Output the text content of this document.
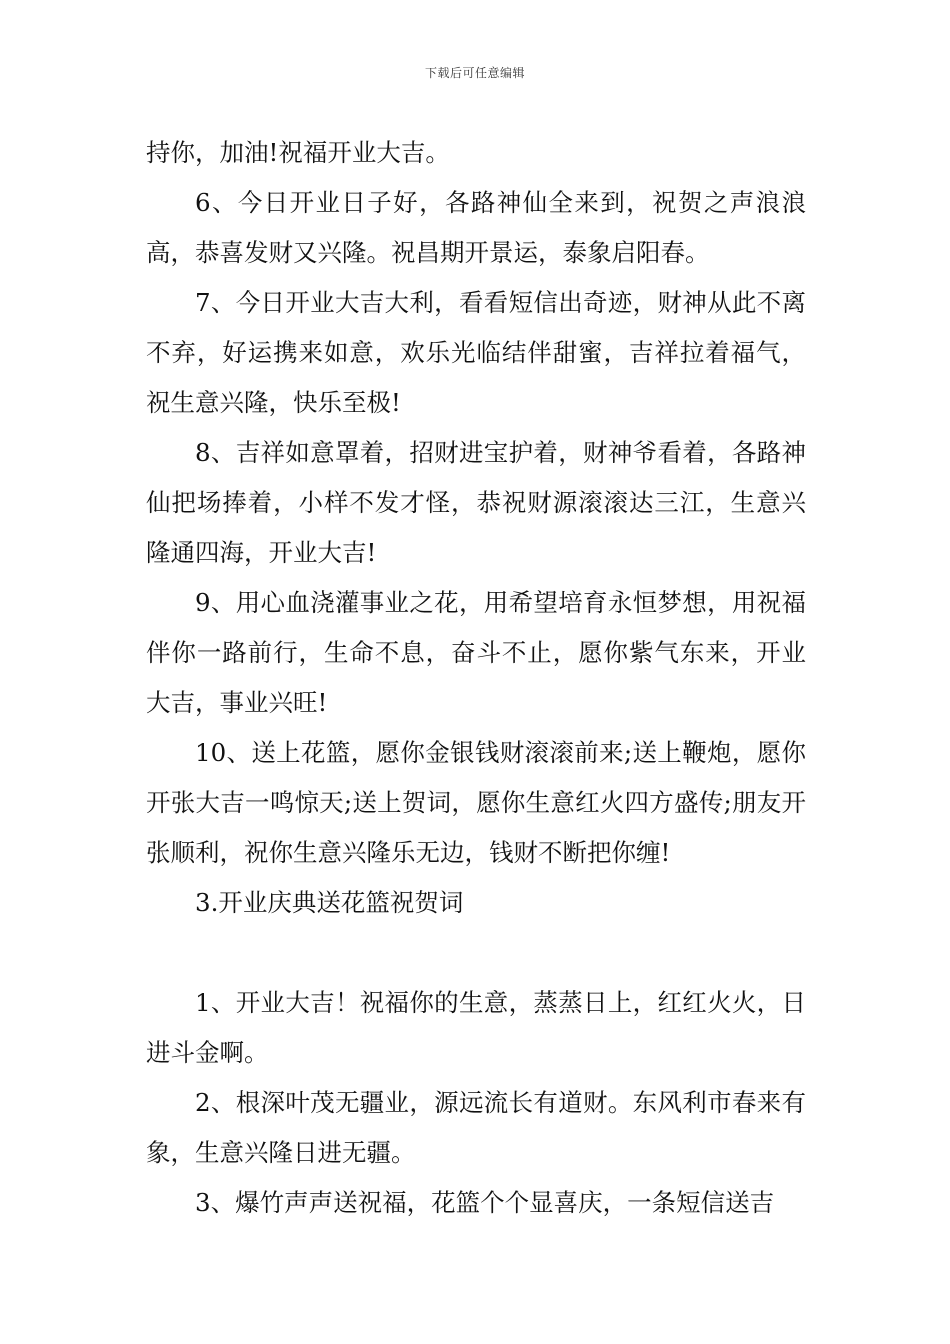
下载后可任意编辑

持你，加油!祝福开业大吉。

6、今日开业日子好，各路神仙全来到，祝贺之声浪浪高，恭喜发财又兴隆。祝昌期开景运，泰象启阳春。

7、今日开业大吉大利，看看短信出奇迹，财神从此不离不弃，好运携来如意，欢乐光临结伴甜蜜，吉祥拉着福气，祝生意兴隆，快乐至极!

8、吉祥如意罩着，招财进宝护着，财神爷看着，各路神仙把场捧着，小样不发才怪，恭祝财源滚滚达三江，生意兴隆通四海，开业大吉!

9、用心血浇灌事业之花，用希望培育永恒梦想，用祝福伴你一路前行，生命不息，奋斗不止，愿你紫气东来，开业大吉，事业兴旺!

10、送上花篮，愿你金银钱财滚滚前来;送上鞭炮，愿你开张大吉一鸣惊天;送上贺词，愿你生意红火四方盛传;朋友开张顺利，祝你生意兴隆乐无边，钱财不断把你缠!

3.开业庆典送花篮祝贺词

1、开业大吉！祝福你的生意，蒸蒸日上，红红火火，日进斗金啊。

2、根深叶茂无疆业，源远流长有道财。东风利市春来有象，生意兴隆日进无疆。

3、爆竹声声送祝福，花篮个个显喜庆，一条短信送吉
